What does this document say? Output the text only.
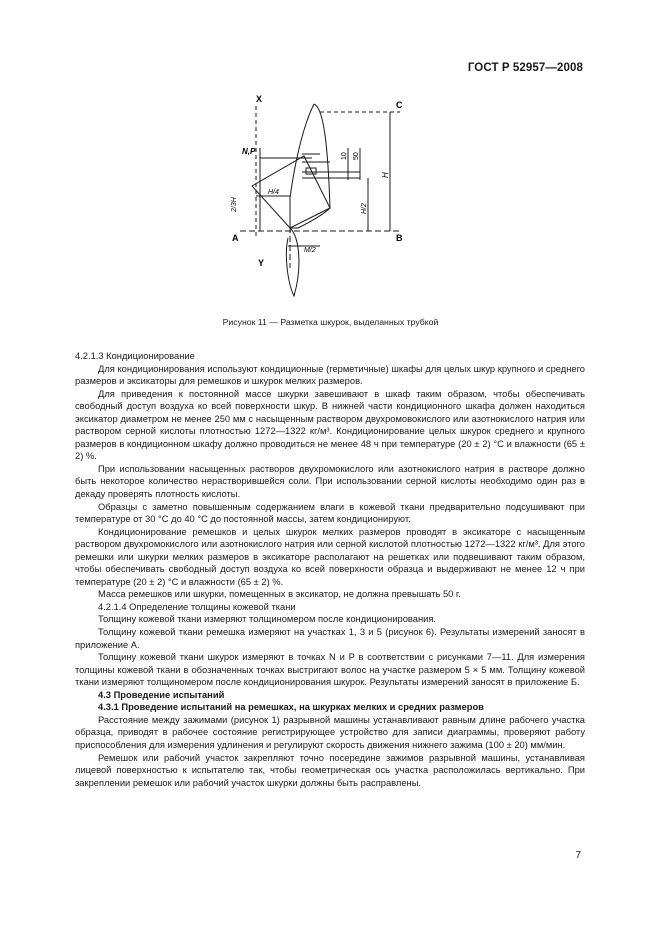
ГОСТ Р 52957—2008
X
C
A	B
Y
N,P
H/4
M/2
2/3H
H
H/2
10 50
Рисунок 11 — Разметка шкурок, выделанных трубкой

4.2.1.3 Кондиционирование

Для кондиционирования используют кондиционные (герметичные) шкафы для целых шкур крупного и среднего размеров и эксикаторы для ремешков и шкурок мелких размеров.

Для приведения к постоянной массе шкурки завешивают в шкаф таким образом, чтобы обеспечивать свободный доступ воздуха ко всей поверхности шкур. В нижней части кондиционного шкафа должен находиться эксикатор диаметром не менее 250 мм с насыщенным раствором двухромовокислого или азотнокислого натрия или раствором серной кислоты плотностью 1272—1322 кг/м³. Кондиционирование целых шкурок среднего и крупного размеров в кондиционном шкафу должно проводиться не менее 48 ч при температуре (20 ± 2) °С и влажности (65 ± 2) %.

При использовании насыщенных растворов двухромокислого или азотнокислого натрия в растворе должно быть некоторое количество нерастворившейся соли. При использовании серной кислоты необходимо один раз в декаду проверять плотность кислоты.

Образцы с заметно повышенным содержанием влаги в кожевой ткани предварительно подсушивают при температуре от 30 °С до 40 °С до постоянной массы, затем кондиционируют.

Кондиционирование ремешков и целых шкурок мелких размеров проводят в эксикаторе с насыщенным раствором двухромокислого или азотнокислого натрия или серной кислотой плотностью 1272—1322 кг/м³. Для этого ремешки или шкурки мелких размеров в эксикаторе располагают на решетках или подвешивают таким образом, чтобы обеспечивать свободный доступ воздуха ко всей поверхности образца и выдерживают не менее 12 ч при температуре (20 ± 2) °С и влажности (65 ± 2) %.

Масса ремешков или шкурки, помещенных в эксикатор, не должна превышать 50 г.

4.2.1.4 Определение толщины кожевой ткани

Толщину кожевой ткани измеряют толщиномером после кондиционирования.

Толщину кожевой ткани ремешка измеряют на участках 1, 3 и 5 (рисунок 6). Результаты измерений заносят в приложение А.

Толщину кожевой ткани шкурок измеряют в точках N и P в соответствии с рисунками 7—11. Для измерения толщины кожевой ткани в обозначенных точках выстригают волос на участке размером 5 × 5 мм. Толщину кожевой ткани измеряют толщиномером после кондиционирования шкурок. Результаты измерений заносят в приложение Б.

4.3 Проведение испытаний

4.3.1 Проведение испытаний на ремешках, на шкурках мелких и средних размеров

Расстояние между зажимами (рисунок 1) разрывной машины устанавливают равным длине рабочего участка образца, приводят в рабочее состояние регистрирующее устройство для записи диаграммы, проверяют работу приспособления для измерения удлинения и регулируют скорость движения нижнего зажима (100 ± 20) мм/мин.

Ремешок или рабочий участок закрепляют точно посередине зажимов разрывной машины, устанавливая лицевой поверхностью к испытателю так, чтобы геометрическая ось участка расположилась вертикально. При закреплении ремешок или рабочий участок шкурки должны быть расправлены.

7
